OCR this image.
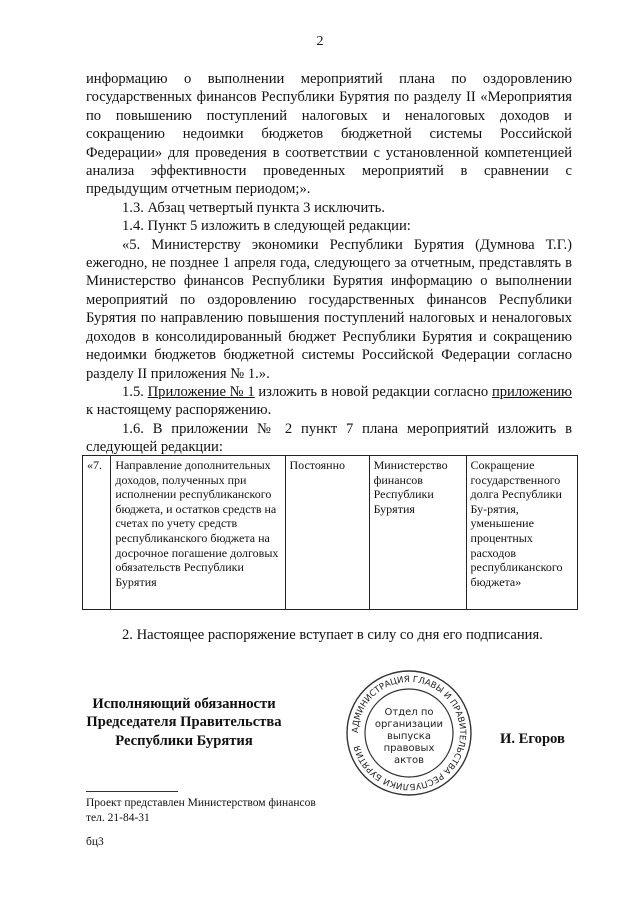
2

информацию о выполнении мероприятий плана по оздоровлению государственных финансов Республики Бурятия по разделу II «Мероприятия по повышению поступлений налоговых и неналоговых доходов и сокращению недоимки бюджетов бюджетной системы Российской Федерации» для проведения в соответствии с установленной компетенцией анализа эффективности проведенных мероприятий в сравнении с предыдущим отчетным периодом;».

1.3. Абзац четвертый пункта 3 исключить.

1.4. Пункт 5 изложить в следующей редакции:

«5. Министерству экономики Республики Бурятия (Думнова Т.Г.) ежегодно, не позднее 1 апреля года, следующего за отчетным, представлять в Министерство финансов Республики Бурятия информацию о выполнении мероприятий по оздоровлению государственных финансов Республики Бурятия по направлению повышения поступлений налоговых и неналоговых доходов в консолидированный бюджет Республики Бурятия и сокращению недоимки бюджетов бюджетной системы Российской Федерации согласно разделу II приложения № 1.».

1.5. Приложение № 1 изложить в новой редакции согласно приложению к настоящему распоряжению.

1.6. В приложении № 2 пункт 7 плана мероприятий изложить в следующей редакции:

«7.	Направление дополнительных доходов, полученных при исполнении республиканского бюджета, и остатков средств на счетах по учету средств республиканского бюджета на досрочное погашение долговых обязательств Республики Бурятия	Постоянно	Министерство финансов Республики Бурятия	Сокращение государственного долга Республики Бу-рятия, уменьшение процентных расходов республиканского бюджета»
2. Настоящее распоряжение вступает в силу со дня его подписания.
Исполняющий обязанности
Председателя Правительства
Республики Бурятия
АДМИНИСТРАЦИЯ ГЛАВЫ И ПРАВИТЕЛЬСТВА РЕСПУБЛИКИ БУРЯТИЯ
Отдел по
организации
выпуска
правовых
актов
И. Егоров
Проект представлен Министерством финансов
тел. 21-84-31
бц3
